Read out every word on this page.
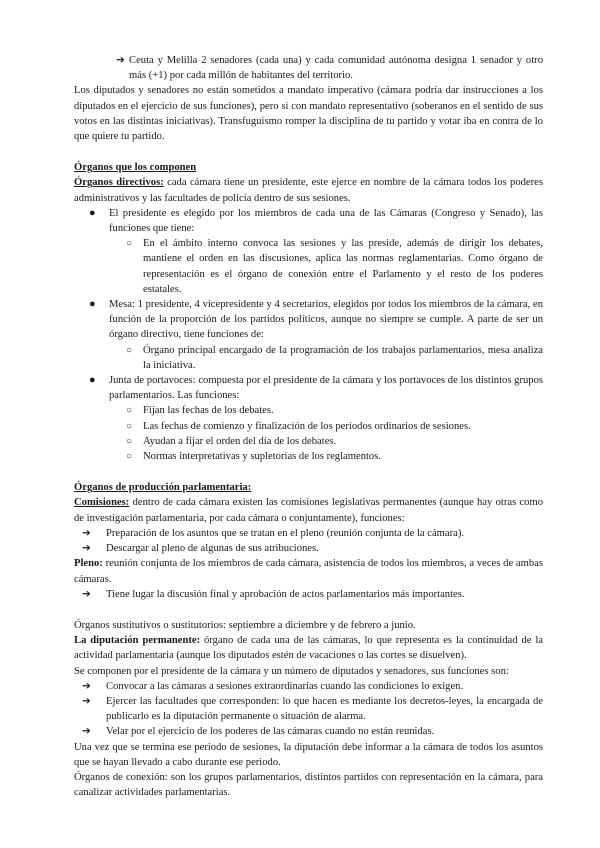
➔ Ceuta y Melilla 2 senadores (cada una) y cada comunidad autónoma designa 1 senador y otro más (+1) por cada millón de habitantes del territorio.

Los diputados y senadores no están sometidos a mandato imperativo (cámara podría dar instrucciones a los diputados en el ejercicio de sus funciones), pero sí con mandato representativo (soberanos en el sentido de sus votos en las distintas iniciativas). Transfuguismo romper la disciplina de tu partido y votar iba en contra de lo que quiere tu partido.

Órganos que los componen

Órganos directivos: cada cámara tiene un presidente, este ejerce en nombre de la cámara todos los poderes administrativos y las facultades de policía dentro de sus sesiones.

● El presidente es elegido por los miembros de cada una de las Cámaras (Congreso y Senado), las funciones que tiene:

○ En el ámbito interno convoca las sesiones y las preside, además de dirigir los debates, mantiene el orden en las discusiones, aplica las normas reglamentarias. Como órgano de representación es el órgano de conexión entre el Parlamento y el resto de los poderes estatales.

● Mesa: 1 presidente, 4 vicepresidente y 4 secretarios, elegidos por todos los miembros de la cámara, en función de la proporción de los partidos políticos, aunque no siempre se cumple. A parte de ser un órgano directivo, tiene funciones de:

○ Órgano principal encargado de la programación de los trabajos parlamentarios, mesa analiza la iniciativa.

● Junta de portavoces: compuesta por el presidente de la cámara y los portavoces de los distintos grupos parlamentarios. Las funciones:

○ Fijan las fechas de los debates.

○ Las fechas de comienzo y finalización de los períodos ordinarios de sesiones.

○ Ayudan a fijar el orden del día de los debates.

○ Normas interpretativas y supletorias de los reglamentos.

Órganos de producción parlamentaria:

Comisiones: dentro de cada cámara existen las comisiones legislativas permanentes (aunque hay otras como de investigación parlamentaria, por cada cámara o conjuntamente), funciones:

➔ Preparación de los asuntos que se tratan en el pleno (reunión conjunta de la cámara).

➔ Descargar al pleno de algunas de sus atribuciones.

Pleno: reunión conjunta de los miembros de cada cámara, asistencia de todos los miembros, a veces de ambas cámaras.

➔ Tiene lugar la discusión final y aprobación de actos parlamentarios más importantes.

Órganos sustitutivos o sustitutorios: septiembre a diciembre y de febrero a junio.

La diputación permanente: órgano de cada una de las cámaras, lo que representa es la continuidad de la actividad parlamentaria (aunque los diputados estén de vacaciones o las cortes se disuelven).

Se componen por el presidente de la cámara y un número de diputados y senadores, sus funciones son:

➔ Convocar a las cámaras a sesiones extraordinarias cuando las condiciones lo exigen.

➔ Ejercer las facultades que corresponden: lo que hacen es mediante los decretos-leyes, la encargada de publicarlo es la diputación permanente o situación de alarma.

➔ Velar por el ejercicio de los poderes de las cámaras cuando no están reunidas.

Una vez que se termina ese periodo de sesiones, la diputación debe informar a la cámara de todos los asuntos que se hayan llevado a cabo durante ese periodo.

Órganos de conexión: son los grupos parlamentarios, distintos partidos con representación en la cámara, para canalizar actividades parlamentarias.
